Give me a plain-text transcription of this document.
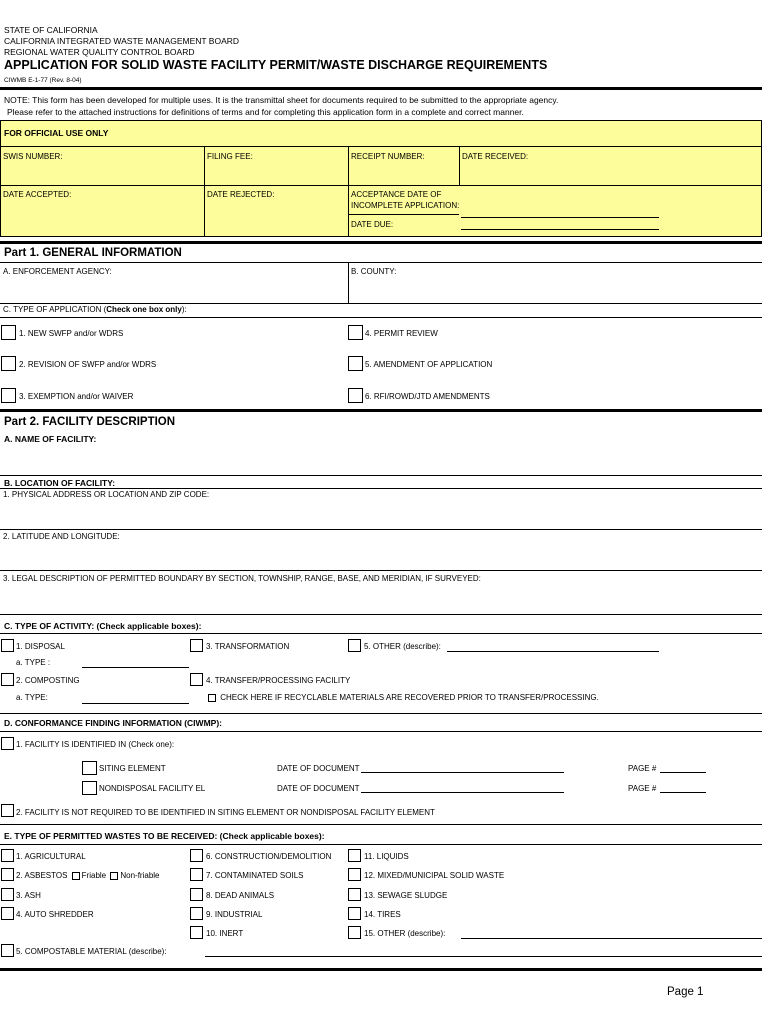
STATE OF CALIFORNIA
CALIFORNIA INTEGRATED WASTE MANAGEMENT BOARD
REGIONAL WATER QUALITY CONTROL BOARD
APPLICATION FOR SOLID WASTE FACILITY PERMIT/WASTE DISCHARGE REQUIREMENTS
CIWMB E-1-77 (Rev. 8-04)
NOTE: This form has been developed for multiple uses. It is the transmittal sheet for documents required to be submitted to the appropriate agency.
Please refer to the attached instructions for definitions of terms and for completing this application form in a complete and correct manner.
FOR OFFICIAL USE ONLY
SWIS NUMBER:	FILING FEE:	RECEIPT NUMBER:	DATE RECEIVED:
DATE ACCEPTED:	DATE REJECTED:	ACCEPTANCE DATE OF
INCOMPLETE APPLICATION:
DATE DUE:
Part 1. GENERAL INFORMATION
A. ENFORCEMENT AGENCY:	B. COUNTY:
C. TYPE OF APPLICATION (Check one box only):
1. NEW SWFP and/or WDRS
2. REVISION OF SWFP and/or WDRS
3. EXEMPTION and/or WAIVER
4. PERMIT REVIEW
5. AMENDMENT OF APPLICATION
6. RFI/ROWD/JTD AMENDMENTS
Part 2. FACILITY DESCRIPTION
A. NAME OF FACILITY:
B. LOCATION OF FACILITY:
1. PHYSICAL ADDRESS OR LOCATION AND ZIP CODE:
2. LATITUDE AND LONGITUDE:
3. LEGAL DESCRIPTION OF PERMITTED BOUNDARY BY SECTION, TOWNSHIP, RANGE, BASE, AND MERIDIAN, IF SURVEYED:
C. TYPE OF ACTIVITY: (Check applicable boxes):
1. DISPOSAL
a. TYPE :
2. COMPOSTING
a. TYPE:
3. TRANSFORMATION
4. TRANSFER/PROCESSING FACILITY
CHECK HERE IF RECYCLABLE MATERIALS ARE RECOVERED PRIOR TO TRANSFER/PROCESSING.
5. OTHER (describe):
D. CONFORMANCE FINDING INFORMATION (CIWMP):
1. FACILITY IS IDENTIFIED IN (Check one):
SITING ELEMENT	DATE OF DOCUMENT	PAGE #
NONDISPOSAL FACILITY EL	DATE OF DOCUMENT	PAGE #
2. FACILITY IS NOT REQUIRED TO BE IDENTIFIED IN SITING ELEMENT OR NONDISPOSAL FACILITY ELEMENT
E. TYPE OF PERMITTED WASTES TO BE RECEIVED: (Check applicable boxes):
1. AGRICULTURAL
2. ASBESTOS Friable Non-friable
3. ASH
4. AUTO SHREDDER
5. COMPOSTABLE MATERIAL (describe):
6. CONSTRUCTION/DEMOLITION
7. CONTAMINATED SOILS
8. DEAD ANIMALS
9. INDUSTRIAL
10. INERT
11. LIQUIDS
12. MIXED/MUNICIPAL SOLID WASTE
13. SEWAGE SLUDGE
14. TIRES
15. OTHER (describe):
Page 1
